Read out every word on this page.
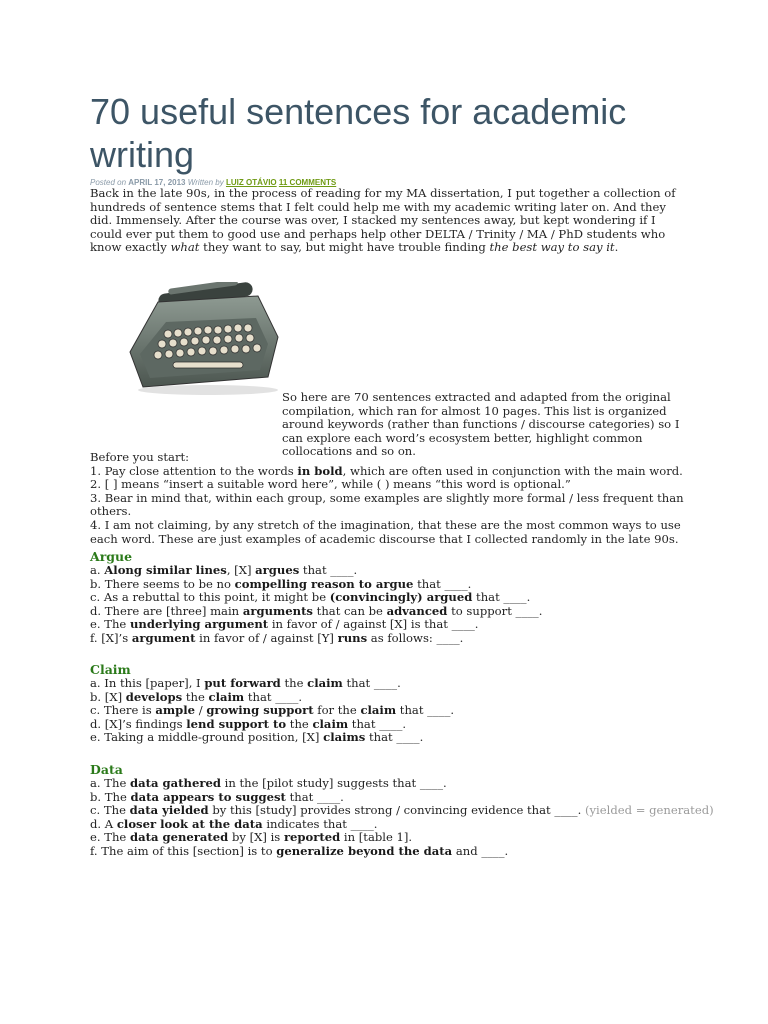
70 useful sentences for academic writing
Posted on APRIL 17, 2013 Written by LUIZ OTÁVIO 11 COMMENTS
Back in the late 90s, in the process of reading for my MA dissertation, I put together a collection of hundreds of sentence stems that I felt could help me with my academic writing later on. And they did. Immensely. After the course was over, I stacked my sentences away, but kept wondering if I could ever put them to good use and perhaps help other DELTA / Trinity / MA / PhD students who know exactly what they want to say, but might have trouble finding the best way to say it.
So here are 70 sentences extracted and adapted from the original compilation, which ran for almost 10 pages. This list is organized around keywords (rather than functions / discourse categories) so I can explore each word’s ecosystem better, highlight common collocations and so on.
Before you start:
1. Pay close attention to the words in bold, which are often used in conjunction with the main word.
2. [ ] means “insert a suitable word here”, while ( ) means “this word is optional.”
3. Bear in mind that, within each group, some examples are slightly more formal / less frequent than others.
4. I am not claiming, by any stretch of the imagination, that these are the most common ways to use each word. These are just examples of academic discourse that I collected randomly in the late 90s.
Argue
a. Along similar lines, [X] argues that ____.
b. There seems to be no compelling reason to argue that ____.
c. As a rebuttal to this point, it might be (convincingly) argued that ____.
d. There are [three] main arguments that can be advanced to support ____.
e. The underlying argument in favor of / against [X] is that ____.
f. [X]’s argument in favor of / against [Y] runs as follows: ____.
Claim
a. In this [paper], I put forward the claim that ____.
b. [X] develops the claim that ____.
c. There is ample / growing support for the claim that ____.
d. [X]’s findings lend support to the claim that ____.
e. Taking a middle-ground position, [X] claims that ____.
Data
a. The data gathered in the [pilot study] suggests that ____.
b. The data appears to suggest that ____.
c. The data yielded by this [study] provides strong / convincing evidence that ____. (yielded = generated)
d. A closer look at the data indicates that ____.
e. The data generated by [X] is reported in [table 1].
f. The aim of this [section] is to generalize beyond the data and ____.
